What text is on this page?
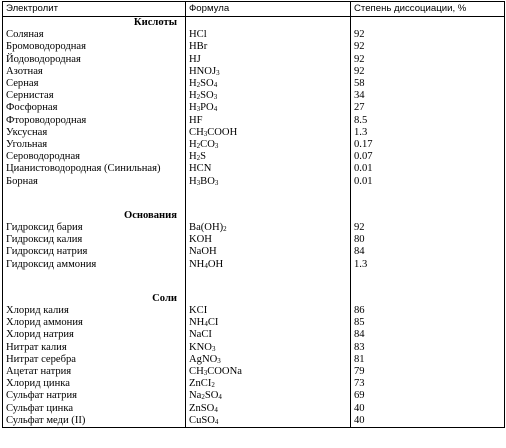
Электролит	Формула	Степень диссоциации, %
Кислоты		
Соляная	HCl	92
Бромоводородная	HBr	92
Йодоводородная	HJ	92
Азотная	$HNOJ_3$	92
Серная	$H_2SO_4$	58
Сернистая	$H_2SO_3$	34
Фосфорная	$H_3PO_4$	27
Фтороводородная	HF	8.5
Уксусная	$CH_3COOH$	1.3
Угольная	$H_2CO_3$	0.17
Сероводородная	$H_2S$	0.07
Цианистоводородная (Синильная)	HCN	0.01
Борная	$H_3BO_3$	0.01

Основания		
Гидроксид бария	$Ba(OH)_2$	92
Гидроксид калия	KOH	80
Гидроксид натрия	NaOH	84
Гидроксид аммония	$NH_4OH$	1.3

Соли		
Хлорид калия	KCI	86
Хлорид аммония	$NH_4CI$	85
Хлорид натрия	NaCI	84
Нитрат калия	$KNO_3$	83
Нитрат серебра	AgNO$_3$	81
Ацетат натрия	$CH_3COONa$	79
Хлорид цинка	ZnCI$_2$	73
Сульфат натрия	$Na_2SO_4$	69
Сульфат цинка	ZnSO$_4$	40
Сульфат меди (II)	CuSO$_4$	40
